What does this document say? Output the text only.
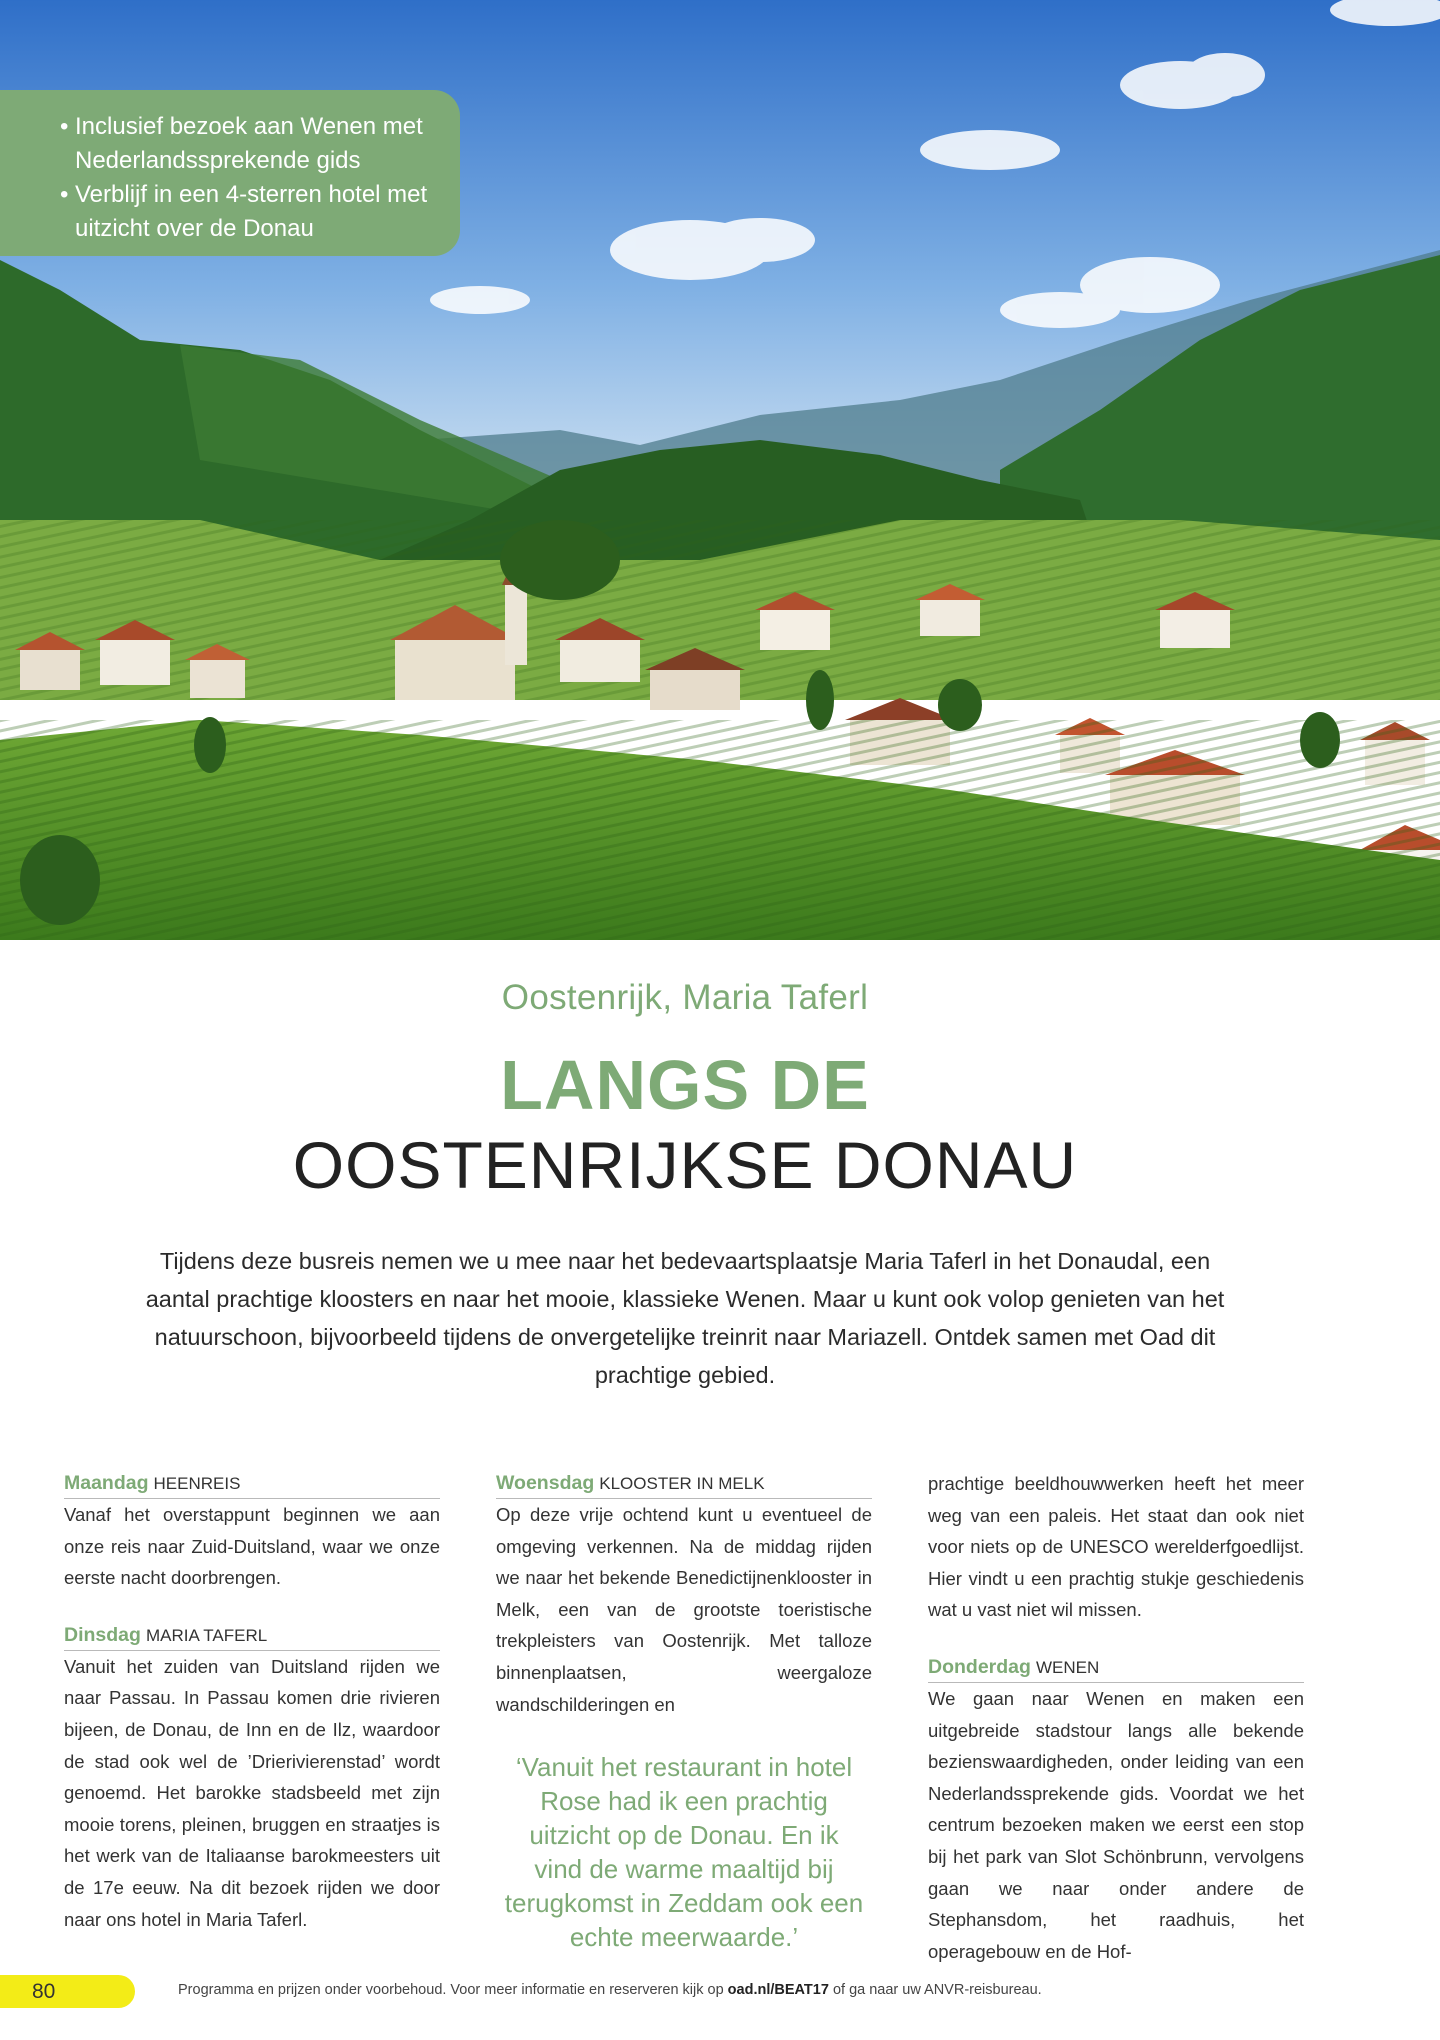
• Inclusief bezoek aan Wenen met Nederlandssprekende gids
• Verblijf in een 4-sterren hotel met uitzicht over de Donau
Oostenrijk, Maria Taferl
LANGS DE
OOSTENRIJKSE DONAU

Tijdens deze busreis nemen we u mee naar het bedevaartsplaatsje Maria Taferl in het Donaudal, een aantal prachtige kloosters en naar het mooie, klassieke Wenen. Maar u kunt ook volop genieten van het natuurschoon, bijvoorbeeld tijdens de onvergetelijke treinrit naar Mariazell. Ontdek samen met Oad dit prachtige gebied.

Maandag HEENREIS

Vanaf het overstappunt beginnen we aan onze reis naar Zuid-Duitsland, waar we onze eerste nacht doorbrengen.

Dinsdag MARIA TAFERL

Vanuit het zuiden van Duitsland rijden we naar Passau. In Passau komen drie rivieren bijeen, de Donau, de Inn en de Ilz, waardoor de stad ook wel de ’Drierivierenstad’ wordt genoemd. Het barokke stadsbeeld met zijn mooie torens, pleinen, bruggen en straatjes is het werk van de Italiaanse barokmeesters uit de 17e eeuw. Na dit bezoek rijden we door naar ons hotel in Maria Taferl.

Woensdag KLOOSTER IN MELK

Op deze vrije ochtend kunt u eventueel de omgeving verkennen. Na de middag rijden we naar het bekende Benedictijnenklooster in Melk, een van de grootste toeristische trekpleisters van Oostenrijk. Met talloze binnenplaatsen, weergaloze wandschilderingen en

‘Vanuit het restaurant in hotel Rose had ik een prachtig uitzicht op de Donau. En ik vind de warme maaltijd bij terugkomst in Zeddam ook een echte meerwaarde.’

prachtige beeldhouwwerken heeft het meer weg van een paleis. Het staat dan ook niet voor niets op de UNESCO werelderfgoedlijst. Hier vindt u een prachtig stukje geschiedenis wat u vast niet wil missen.

Donderdag WENEN

We gaan naar Wenen en maken een uitgebreide stadstour langs alle bekende bezienswaardigheden, onder leiding van een Nederlandssprekende gids. Voordat we het centrum bezoeken maken we eerst een stop bij het park van Slot Schönbrunn, vervolgens gaan we naar onder andere de Stephansdom, het raadhuis, het operagebouw en de Hof-

80	Programma en prijzen onder voorbehoud. Voor meer informatie en reserveren kijk op oad.nl/BEAT17 of ga naar uw ANVR-reisbureau.
